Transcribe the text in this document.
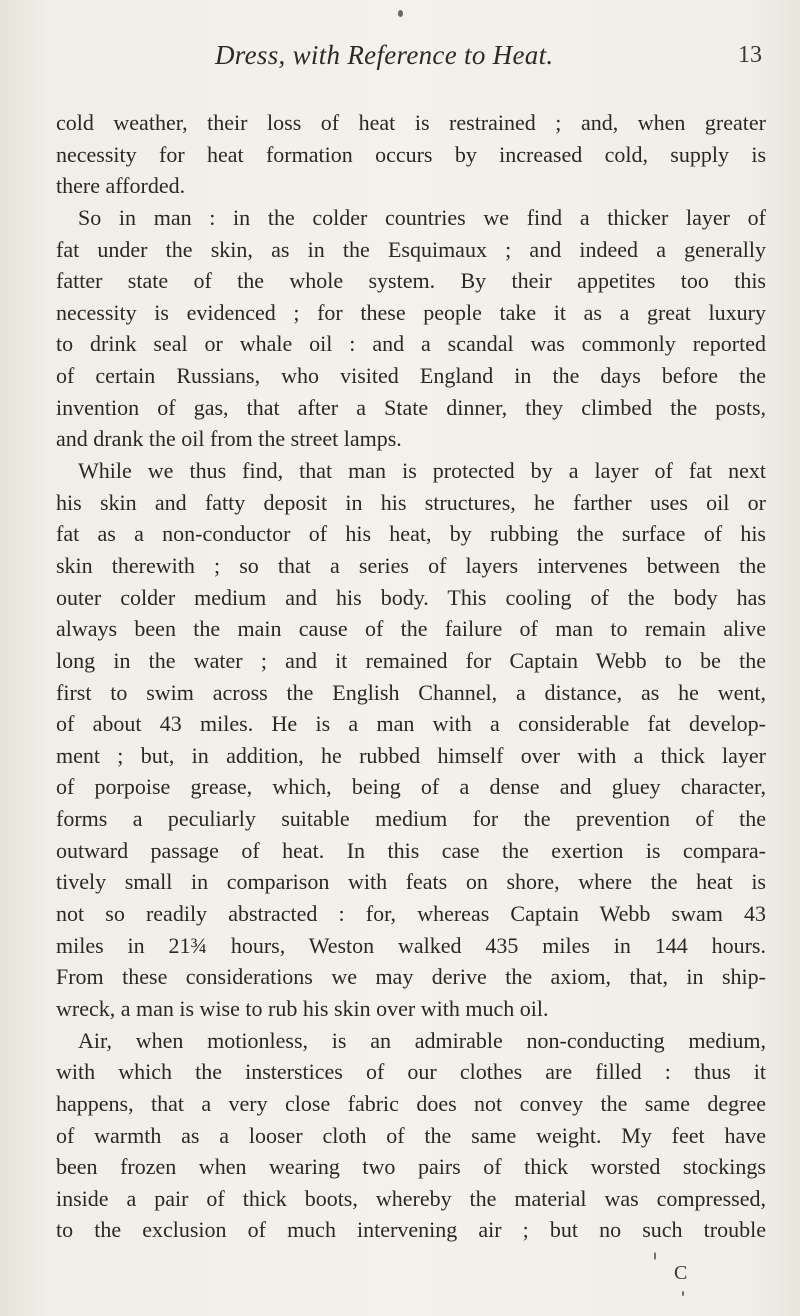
Dress, with Reference to Heat.	13
cold weather, their loss of heat is restrained ; and, when greater
necessity for heat formation occurs by increased cold, supply is
there afforded.
So in man : in the colder countries we find a thicker layer of
fat under the skin, as in the Esquimaux ; and indeed a generally
fatter state of the whole system. By their appetites too this
necessity is evidenced ; for these people take it as a great luxury
to drink seal or whale oil : and a scandal was commonly reported
of certain Russians, who visited England in the days before the
invention of gas, that after a State dinner, they climbed the posts,
and drank the oil from the street lamps.
While we thus find, that man is protected by a layer of fat next
his skin and fatty deposit in his structures, he farther uses oil or
fat as a non-conductor of his heat, by rubbing the surface of his
skin therewith ; so that a series of layers intervenes between the
outer colder medium and his body. This cooling of the body has
always been the main cause of the failure of man to remain alive
long in the water ; and it remained for Captain Webb to be the
first to swim across the English Channel, a distance, as he went,
of about 43 miles. He is a man with a considerable fat develop-
ment ; but, in addition, he rubbed himself over with a thick layer
of porpoise grease, which, being of a dense and gluey character,
forms a peculiarly suitable medium for the prevention of the
outward passage of heat. In this case the exertion is compara-
tively small in comparison with feats on shore, where the heat is
not so readily abstracted : for, whereas Captain Webb swam 43
miles in 21¾ hours, Weston walked 435 miles in 144 hours.
From these considerations we may derive the axiom, that, in ship-
wreck, a man is wise to rub his skin over with much oil.
Air, when motionless, is an admirable non-conducting medium,
with which the insterstices of our clothes are filled : thus it
happens, that a very close fabric does not convey the same degree
of warmth as a looser cloth of the same weight. My feet have
been frozen when wearing two pairs of thick worsted stockings
inside a pair of thick boots, whereby the material was compressed,
to the exclusion of much intervening air ; but no such trouble
C
